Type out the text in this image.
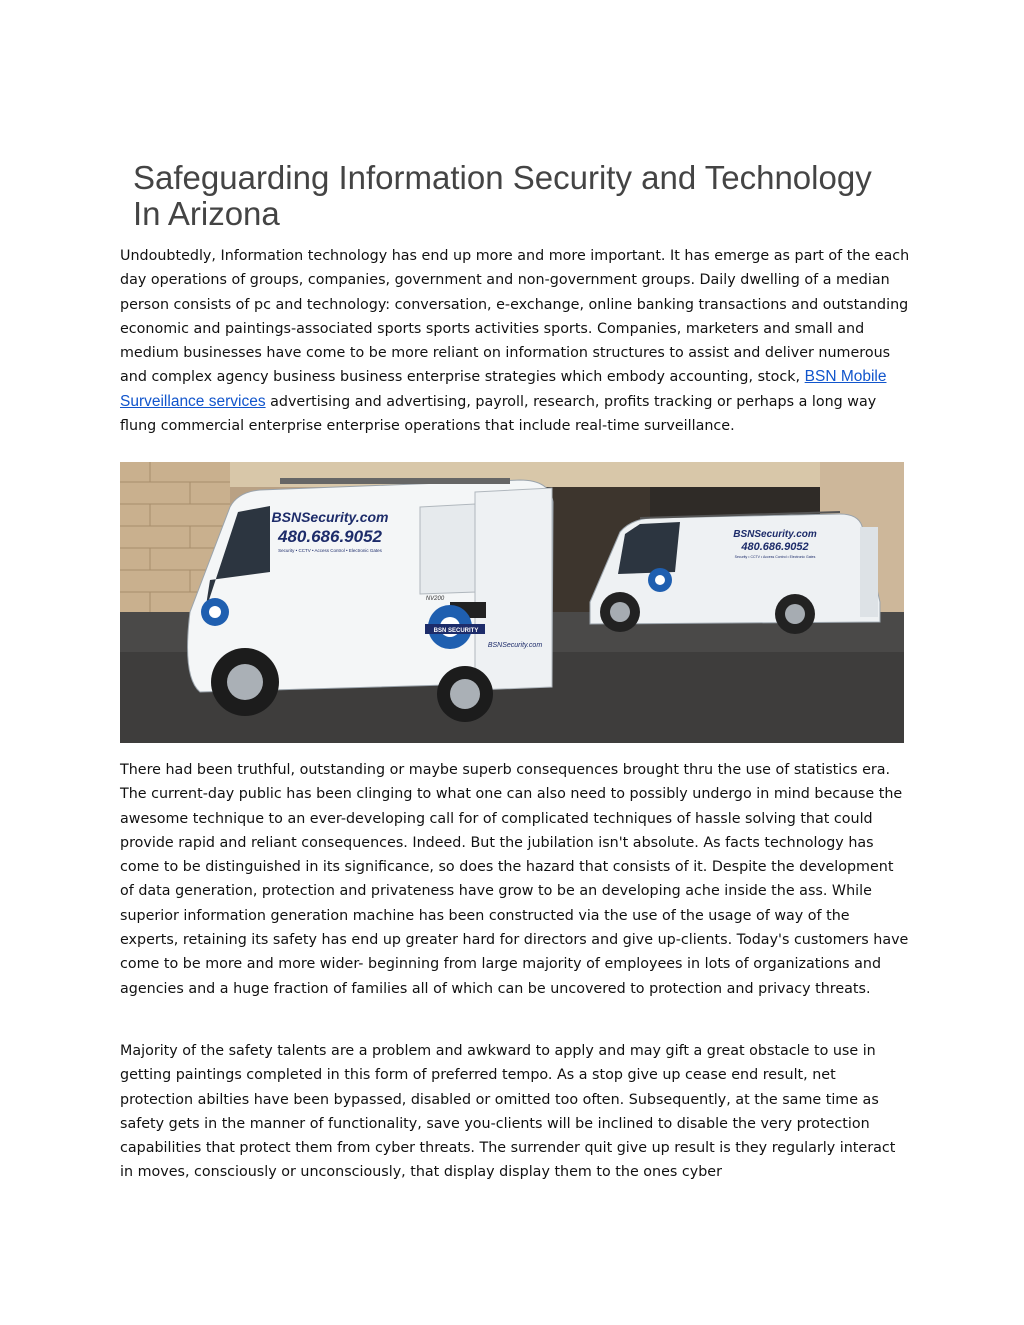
Safeguarding Information Security and Technology
In Arizona

Undoubtedly, Information technology has end up more and more important. It has emerge as part of the each day operations of groups, companies, government and non-government groups. Daily dwelling of a median person consists of pc and technology: conversation, e-exchange, online banking transactions and outstanding economic and paintings-associated sports sports activities sports. Companies, marketers and small and medium businesses have come to be more reliant on information structures to assist and deliver numerous and complex agency business business enterprise strategies which embody accounting, stock, BSN Mobile Surveillance services advertising and advertising, payroll, research, profits tracking or perhaps a long way flung commercial enterprise enterprise operations that include real-time surveillance.

BSNSecurity.com
480.686.9052
Security • CCTV • Access Control • Electronic Gates
BSNSecurity.com
480.686.9052
Security • CCTV • Access Control • Electronic Gates
BSN SECURITY
BSNSecurity.com
NV200

There had been truthful, outstanding or maybe superb consequences brought thru the use of statistics era. The current-day public has been clinging to what one can also need to possibly undergo in mind because the awesome technique to an ever-developing call for of complicated techniques of hassle solving that could provide rapid and reliant consequences. Indeed. But the jubilation isn't absolute. As facts technology has come to be distinguished in its significance, so does the hazard that consists of it. Despite the development of data generation, protection and privateness have grow to be an developing ache inside the ass. While superior information generation machine has been constructed via the use of the usage of way of the experts, retaining its safety has end up greater hard for directors and give up-clients. Today's customers have come to be more and more wider- beginning from large majority of employees in lots of organizations and agencies and a huge fraction of families all of which can be uncovered to protection and privacy threats.

Majority of the safety talents are a problem and awkward to apply and may gift a great obstacle to use in getting paintings completed in this form of preferred tempo. As a stop give up cease end result, net protection abilties have been bypassed, disabled or omitted too often. Subsequently, at the same time as safety gets in the manner of functionality, save you-clients will be inclined to disable the very protection capabilities that protect them from cyber threats. The surrender quit give up result is they regularly interact in moves, consciously or unconsciously, that display display them to the ones cyber
